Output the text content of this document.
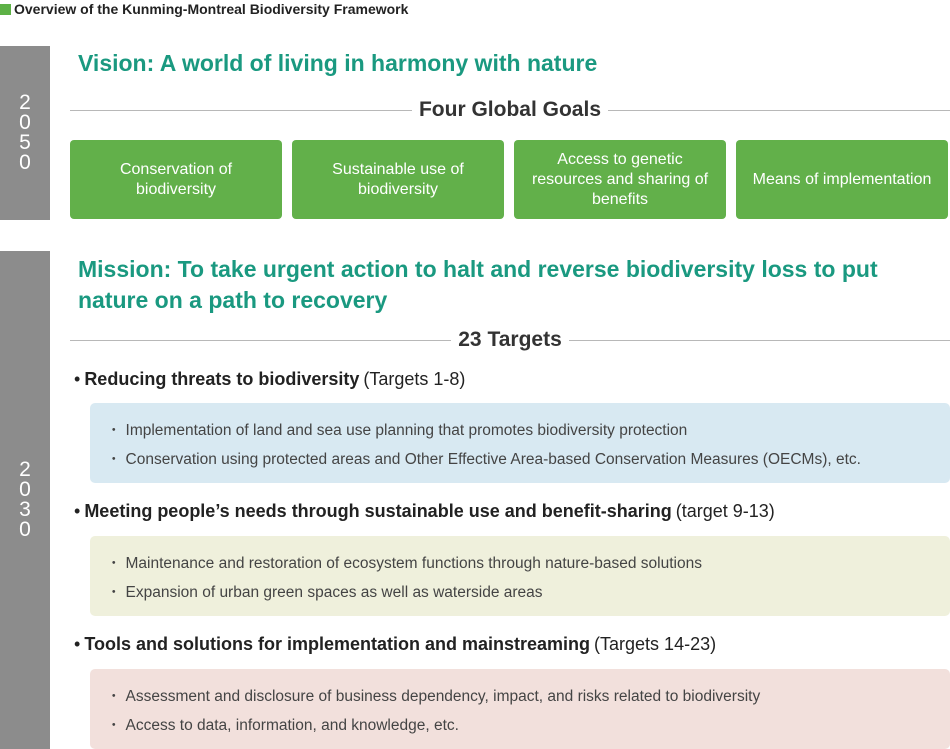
Overview of the Kunming-Montreal Biodiversity Framework
2
0
5
0
Vision: A world of living in harmony with nature
Four Global Goals
Conservation of biodiversity
Sustainable use of biodiversity
Access to genetic resources and sharing of benefits
Means of implementation
2
0
3
0
Mission: To take urgent action to halt and reverse biodiversity loss to put nature on a path to recovery
23 Targets
• Reducing threats to biodiversity (Targets 1-8)
・ Implementation of land and sea use planning that promotes biodiversity protection
・ Conservation using protected areas and Other Effective Area-based Conservation Measures (OECMs), etc.
• Meeting people’s needs through sustainable use and benefit-sharing (target 9-13)
・ Maintenance and restoration of ecosystem functions through nature-based solutions
・ Expansion of urban green spaces as well as waterside areas
• Tools and solutions for implementation and mainstreaming (Targets 14-23)
・ Assessment and disclosure of business dependency, impact, and risks related to biodiversity
・ Access to data, information, and knowledge, etc.
